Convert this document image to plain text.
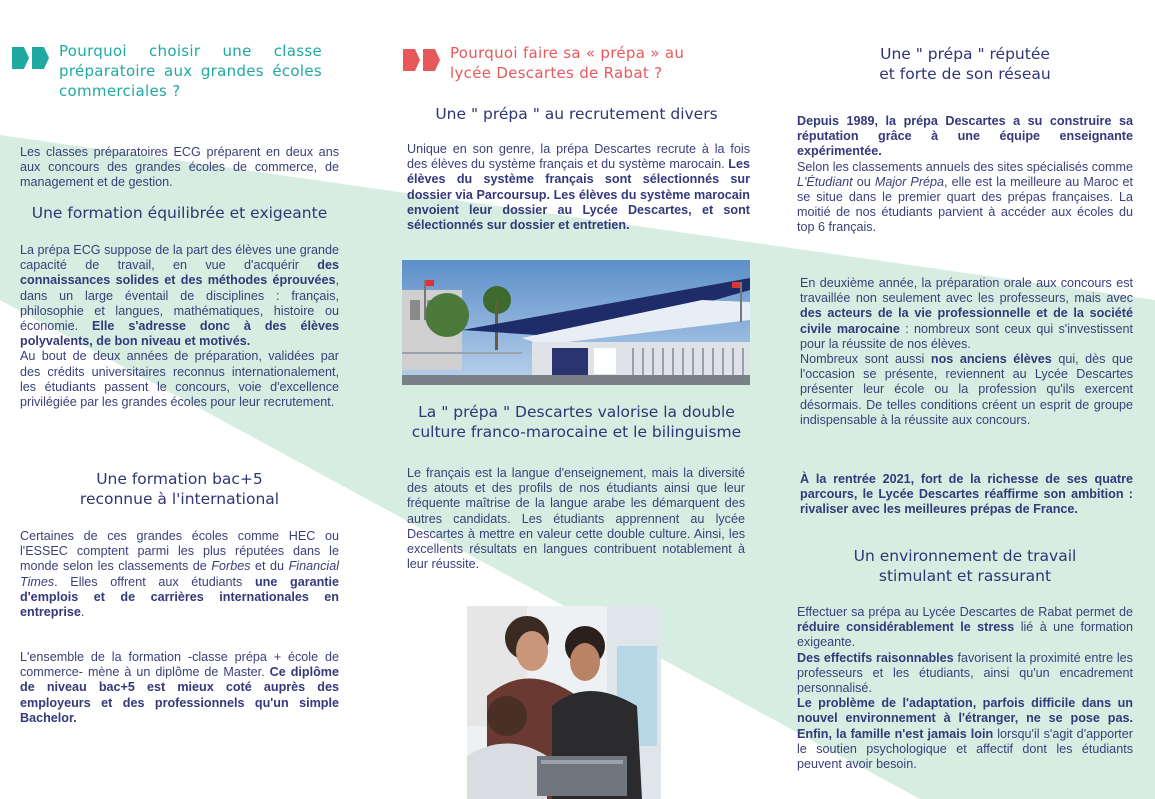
Pourquoi choisir une classe préparatoire aux grandes écoles commerciales ?

Les classes préparatoires ECG préparent en deux ans aux concours des grandes écoles de commerce, de management et de gestion.

Une formation équilibrée et exigeante

La prépa ECG suppose de la part des élèves une grande capacité de travail, en vue d'acquérir des connaissances solides et des méthodes éprouvées, dans un large éventail de disciplines : français, philosophie et langues, mathématiques, histoire ou économie. Elle s'adresse donc à des élèves polyvalents, de bon niveau et motivés.
Au bout de deux années de préparation, validées par des crédits universitaires reconnus internationalement, les étudiants passent le concours, voie d'excellence privilégiée par les grandes écoles pour leur recrutement.

Une formation bac+5
reconnue à l'international

Certaines de ces grandes écoles comme HEC ou l'ESSEC comptent parmi les plus réputées dans le monde selon les classements de Forbes et du Financial Times. Elles offrent aux étudiants une garantie d'emplois et de carrières internationales en entreprise.

L'ensemble de la formation -classe prépa + école de commerce- mène à un diplôme de Master. Ce diplôme de niveau bac+5 est mieux coté auprès des employeurs et des professionnels qu'un simple Bachelor.

Pourquoi faire sa « prépa » au lycée Descartes de Rabat ?
Une " prépa " au recrutement divers

Unique en son genre, la prépa Descartes recrute à la fois des élèves du système français et du système marocain. Les élèves du système français sont sélectionnés sur dossier via Parcoursup. Les élèves du système marocain envoient leur dossier au Lycée Descartes, et sont sélectionnés sur dossier et entretien.

La " prépa " Descartes valorise la double
culture franco-marocaine et le bilinguisme

Le français est la langue d'enseignement, mais la diversité des atouts et des profils de nos étudiants ainsi que leur fréquente maîtrise de la langue arabe les démarquent des autres candidats. Les étudiants apprennent au lycée Descartes à mettre en valeur cette double culture. Ainsi, les excellents résultats en langues contribuent notablement à leur réussite.

Une " prépa " réputée
et forte de son réseau

Depuis 1989, la prépa Descartes a su construire sa réputation grâce à une équipe enseignante expérimentée.
Selon les classements annuels des sites spécialisés comme L'Étudiant ou Major Prépa, elle est la meilleure au Maroc et se situe dans le premier quart des prépas françaises. La moitié de nos étudiants parvient à accéder aux écoles du top 6 français.

En deuxième année, la préparation orale aux concours est travaillée non seulement avec les professeurs, mais avec des acteurs de la vie professionnelle et de la société civile marocaine : nombreux sont ceux qui s'investissent pour la réussite de nos élèves.
Nombreux sont aussi nos anciens élèves qui, dès que l'occasion se présente, reviennent au Lycée Descartes présenter leur école ou la profession qu'ils exercent désormais. De telles conditions créent un esprit de groupe indispensable à la réussite aux concours.

À la rentrée 2021, fort de la richesse de ses quatre parcours, le Lycée Descartes réaffirme son ambition : rivaliser avec les meilleures prépas de France.

Un environnement de travail
stimulant et rassurant

Effectuer sa prépa au Lycée Descartes de Rabat permet de réduire considérablement le stress lié à une formation exigeante.
Des effectifs raisonnables favorisent la proximité entre les professeurs et les étudiants, ainsi qu'un encadrement personnalisé.
Le problème de l'adaptation, parfois difficile dans un nouvel environnement à l'étranger, ne se pose pas. Enfin, la famille n'est jamais loin lorsqu'il s'agit d'apporter le soutien psychologique et affectif dont les étudiants peuvent avoir besoin.
